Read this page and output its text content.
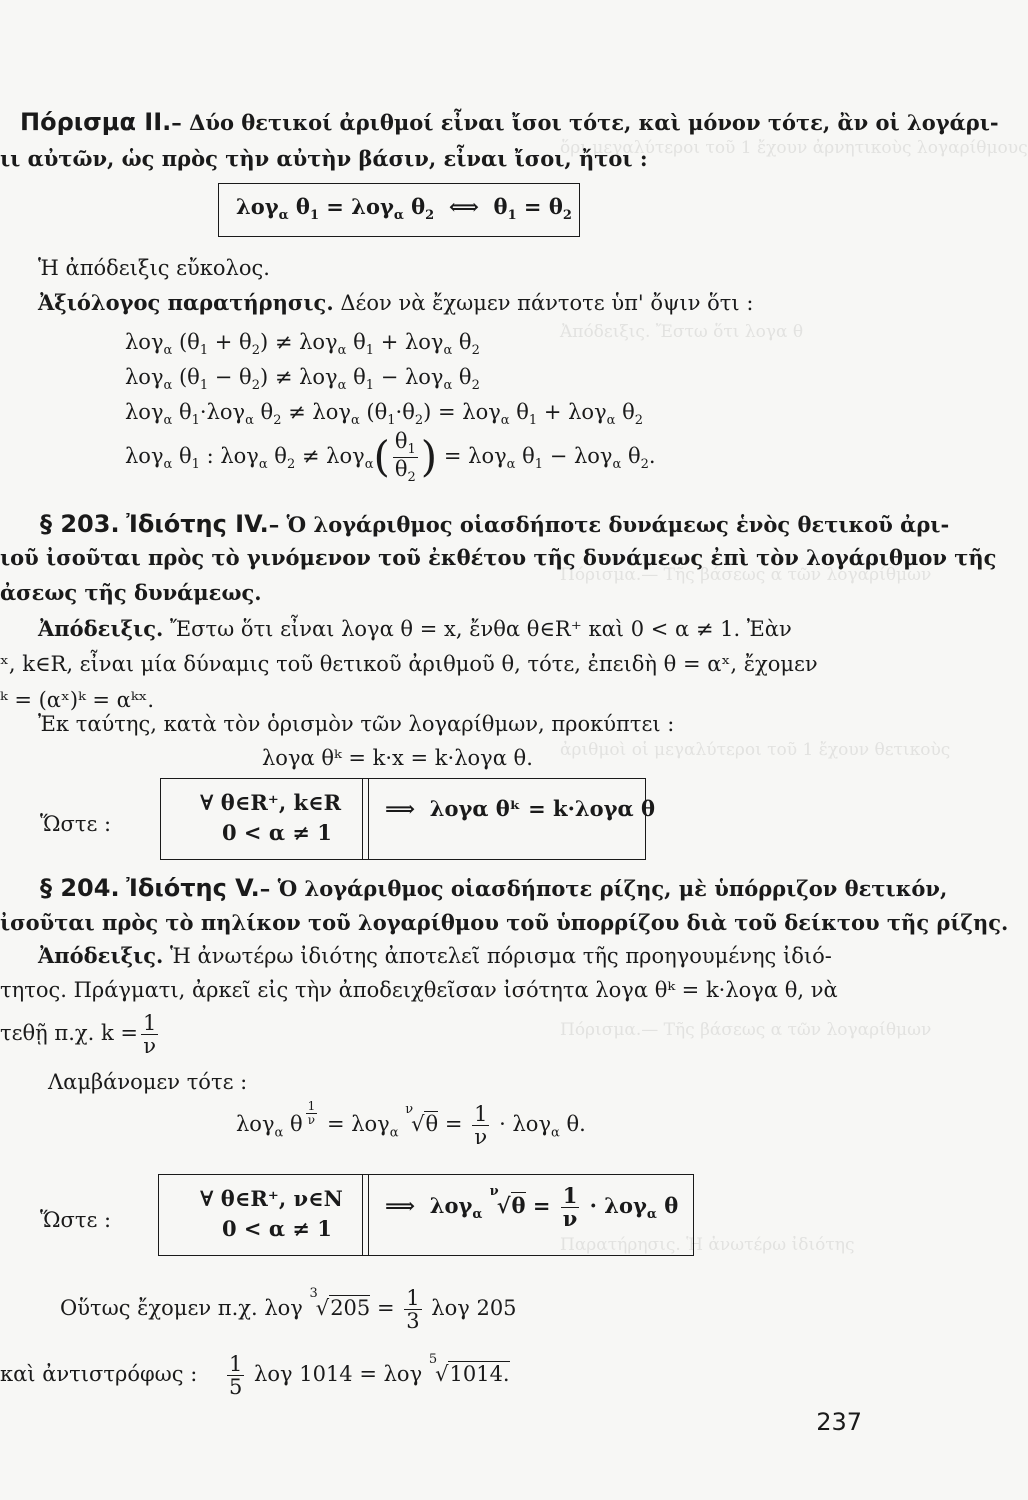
ὅρι μεγαλύτεροι τοῦ 1 ἔχουν ἀρνητικοὺς λογαρίθμους
Ἀπόδειξις. Ἔστω ὅτι λογα θ
Πόρισμα.— Τῆς βάσεως α τῶν λογαρίθμων
ἀριθμοὶ οἱ μεγαλύτεροι τοῦ 1 ἔχουν θετικοὺς
Πόρισμα.— Τῆς βάσεως α τῶν λογαρίθμων
Παρατήρησις. Ἡ ἀνωτέρω ἰδιότης
Πόρισμα ΙΙ.– Δύο θετικοί ἀριθμοί εἶναι ἴσοι τότε, καὶ μόνον τότε, ἂν οἱ λογάρι-
ιι αὐτῶν, ὡς πρὸς τὴν αὐτὴν βάσιν, εἶναι ἴσοι, ἤτοι :
λογ$_\alpha$ $\theta_1 = \lambda o\gamma_\alpha$ $\theta_2$  ⟺  $\theta_1 = \theta_2$
Ἡ ἀπόδειξις εὔκολος.
Ἀξιόλογος παρατήρησις. Δέον νὰ ἔχωμεν πάντοτε ὑπ' ὄψιν ὅτι :
λογ$_\alpha$ $(\theta_1 + \theta_2) \ne \lambda o\gamma_\alpha$ $\theta_1 + \lambda o\gamma_\alpha$ $\theta_2$
λογ$_\alpha$ $(\theta_1 - \theta_2) \ne \lambda o\gamma_\alpha$ $\theta_1 - \lambda o\gamma_\alpha$ $\theta_2$
λογ$_\alpha$ $\theta_1\cdot\lambda o\gamma_\alpha$ $\theta_2 \ne \lambda o\gamma_\alpha$ $(\theta_1\cdot\theta_2) = \lambda o\gamma_\alpha$ $\theta_1 + \lambda o\gamma_\alpha$ $\theta_2$
λογ$_\alpha$ $\theta_1$ : λογ$_\alpha$ $\theta_2 \ne \lambda o\gamma_\alpha( \frac{\theta_1}{\theta_2}$ ) = λογ$_\alpha$ $\theta_1 - \lambda o\gamma_\alpha$ $\theta_2$.
§ 203. Ἰδιότης IV.– Ὁ λογάριθμος οἱασδήποτε δυνάμεως ἑνὸς θετικοῦ ἀρι-
ιοῦ ἰσοῦται πρὸς τὸ γινόμενον τοῦ ἐκθέτου τῆς δυνάμεως ἐπὶ τὸν λογάριθμον τῆς
ἀσεως τῆς δυνάμεως.
Ἀπόδειξις. Ἔστω ὅτι εἶναι λογα θ = x, ἔνθα θ∈R⁺ καὶ 0 < α ≠ 1. Ἐὰν
ˣ, k∈R, εἶναι μία δύναμις τοῦ θετικοῦ ἀριθμοῦ θ, τότε, ἐπειδὴ θ = αˣ, ἔχομεν
ᵏ = (αˣ)ᵏ = αᵏˣ.
Ἐκ ταύτης, κατὰ τὸν ὁρισμὸν τῶν λογαρίθμων, προκύπτει :
λογα θᵏ = k·x = k·λογα θ.
Ὥστε :
∀ θ∈R⁺, k∈R
0 < α ≠ 1
⟹  λογα θᵏ = k·λογα θ
§ 204. Ἰδιότης V.– Ὁ λογάριθμος οἱασδήποτε ρίζης, μὲ ὑπόρριζον θετικόν,
ἰσοῦται πρὸς τὸ πηλίκον τοῦ λογαρίθμου τοῦ ὑπορρίζου διὰ τοῦ δείκτου τῆς ρίζης.
Ἀπόδειξις. Ἡ ἀνωτέρω ἰδιότης ἀποτελεῖ πόρισμα τῆς προηγουμένης ἰδιό-
τητος. Πράγματι, ἀρκεῖ εἰς τὴν ἀποδειχθεῖσαν ἰσότητα λογα θᵏ = k·λογα θ, νὰ
τεθῇ π.χ. $k = \frac{1}{\nu}$
Λαμβάνομεν τότε :
λογ$_\alpha$ θ $^{\frac{1}{\nu}}$ = λογ$_\alpha$ $^\nu√\theta = \frac{1}{\nu} \cdot \lambda o\gamma_\alpha$ θ.
Ὥστε :
∀ θ∈R⁺, ν∈N
0 < α ≠ 1
⟹  λογ$_\alpha$ $^\nu√\theta = \frac{1}{\nu} \cdot \lambda o\gamma_\alpha$ θ
Οὕτως ἔχομεν π.χ. λογ $^3√205 = \frac{1}{3}$ λογ 205
καὶ ἀντιστρόφως : $\frac{1}{5}$ λογ 1014 = λογ $^5$√1014.
237
